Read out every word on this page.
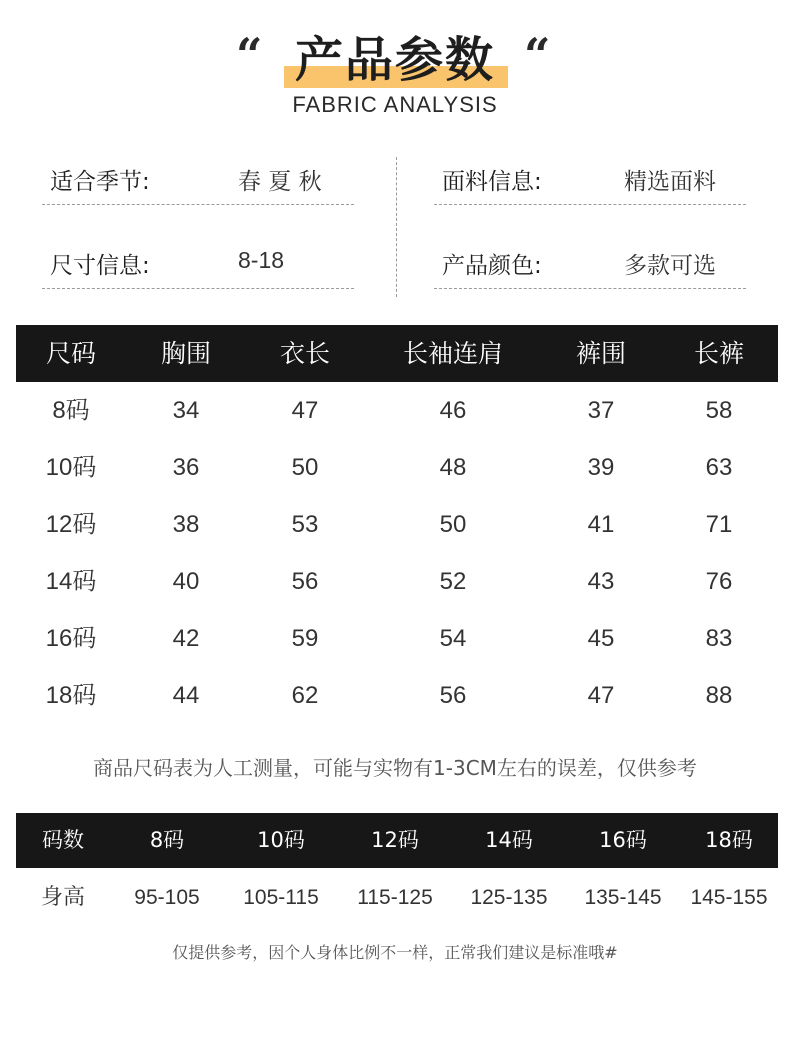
“ 产品参数 “
FABRIC ANALYSIS
适合季节:	春 夏 秋	面料信息:	精选面料
尺寸信息:	8-18	产品颜色:	多款可选
尺码	胸围	衣长	长袖连肩	裤围	长裤
8码	34	47	46	37	58
10码	36	50	48	39	63
12码	38	53	50	41	71
14码	40	56	52	43	76
16码	42	59	54	45	83
18码	44	62	56	47	88
商品尺码表为人工测量，可能与实物有1-3CM左右的误差，仅供参考
码数	8码	10码	12码	14码	16码	18码
身高	95-105	105-115	115-125	125-135	135-145	145-155
仅提供参考，因个人身体比例不一样，正常我们建议是标准哦#
